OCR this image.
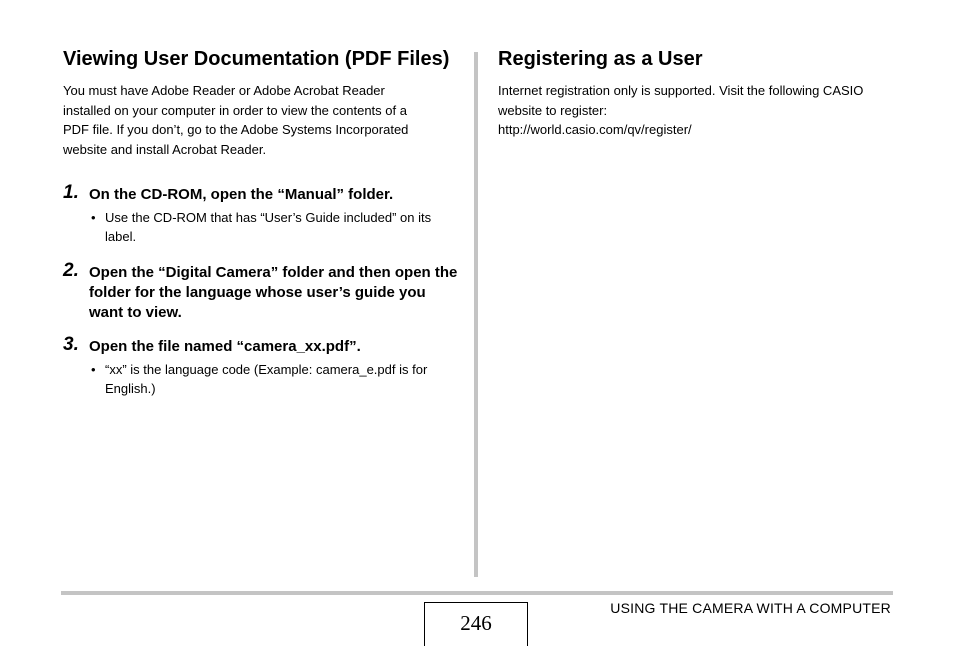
Viewing User Documentation (PDF Files)

You must have Adobe Reader or Adobe Acrobat Reader installed on your computer in order to view the contents of a PDF file. If you don’t, go to the Adobe Systems Incorporated website and install Acrobat Reader.

1. On the CD-ROM, open the “Manual” folder.
• Use the CD-ROM that has “User’s Guide included” on its label.
2. Open the “Digital Camera” folder and then open the folder for the language whose user’s guide you want to view.
3. Open the file named “camera_xx.pdf”.
• “xx” is the language code (Example: camera_e.pdf is for English.)
Registering as a User

Internet registration only is supported. Visit the following CASIO website to register:

http://world.casio.com/qv/register/

246
USING THE CAMERA WITH A COMPUTER
